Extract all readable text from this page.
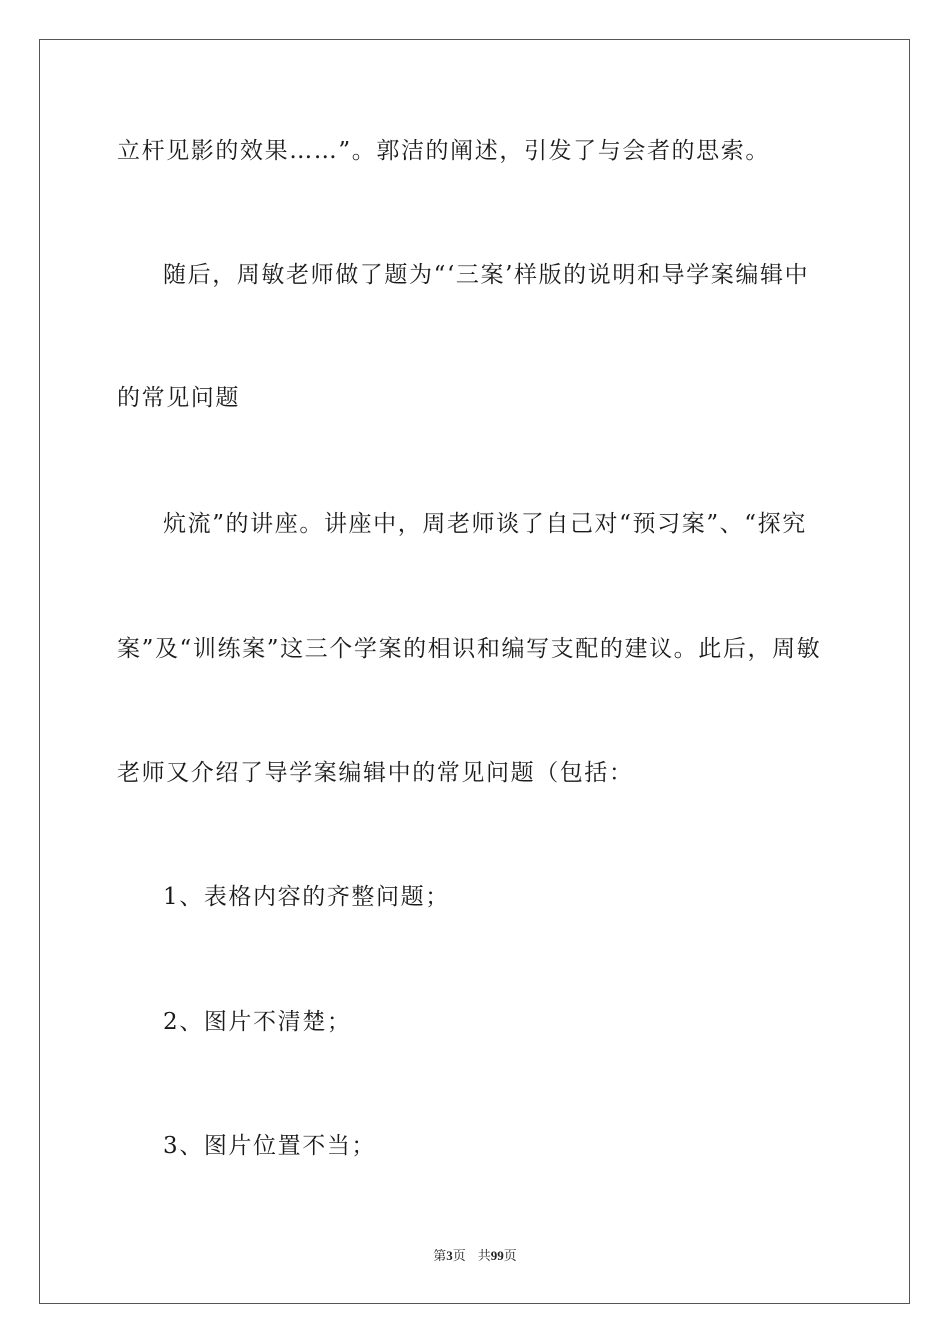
立杆见影的效果……”。郭洁的阐述，引发了与会者的思索。
随后，周敏老师做了题为“‘三案’样版的说明和导学案编辑中
的常见问题
炕流”的讲座。讲座中，周老师谈了自己对“预习案”、“探究
案”及“训练案”这三个学案的相识和编写支配的建议。此后，周敏
老师又介绍了导学案编辑中的常见问题（包括：
1、表格内容的齐整问题；
2、图片不清楚；
3、图片位置不当；
第3页 共99页
